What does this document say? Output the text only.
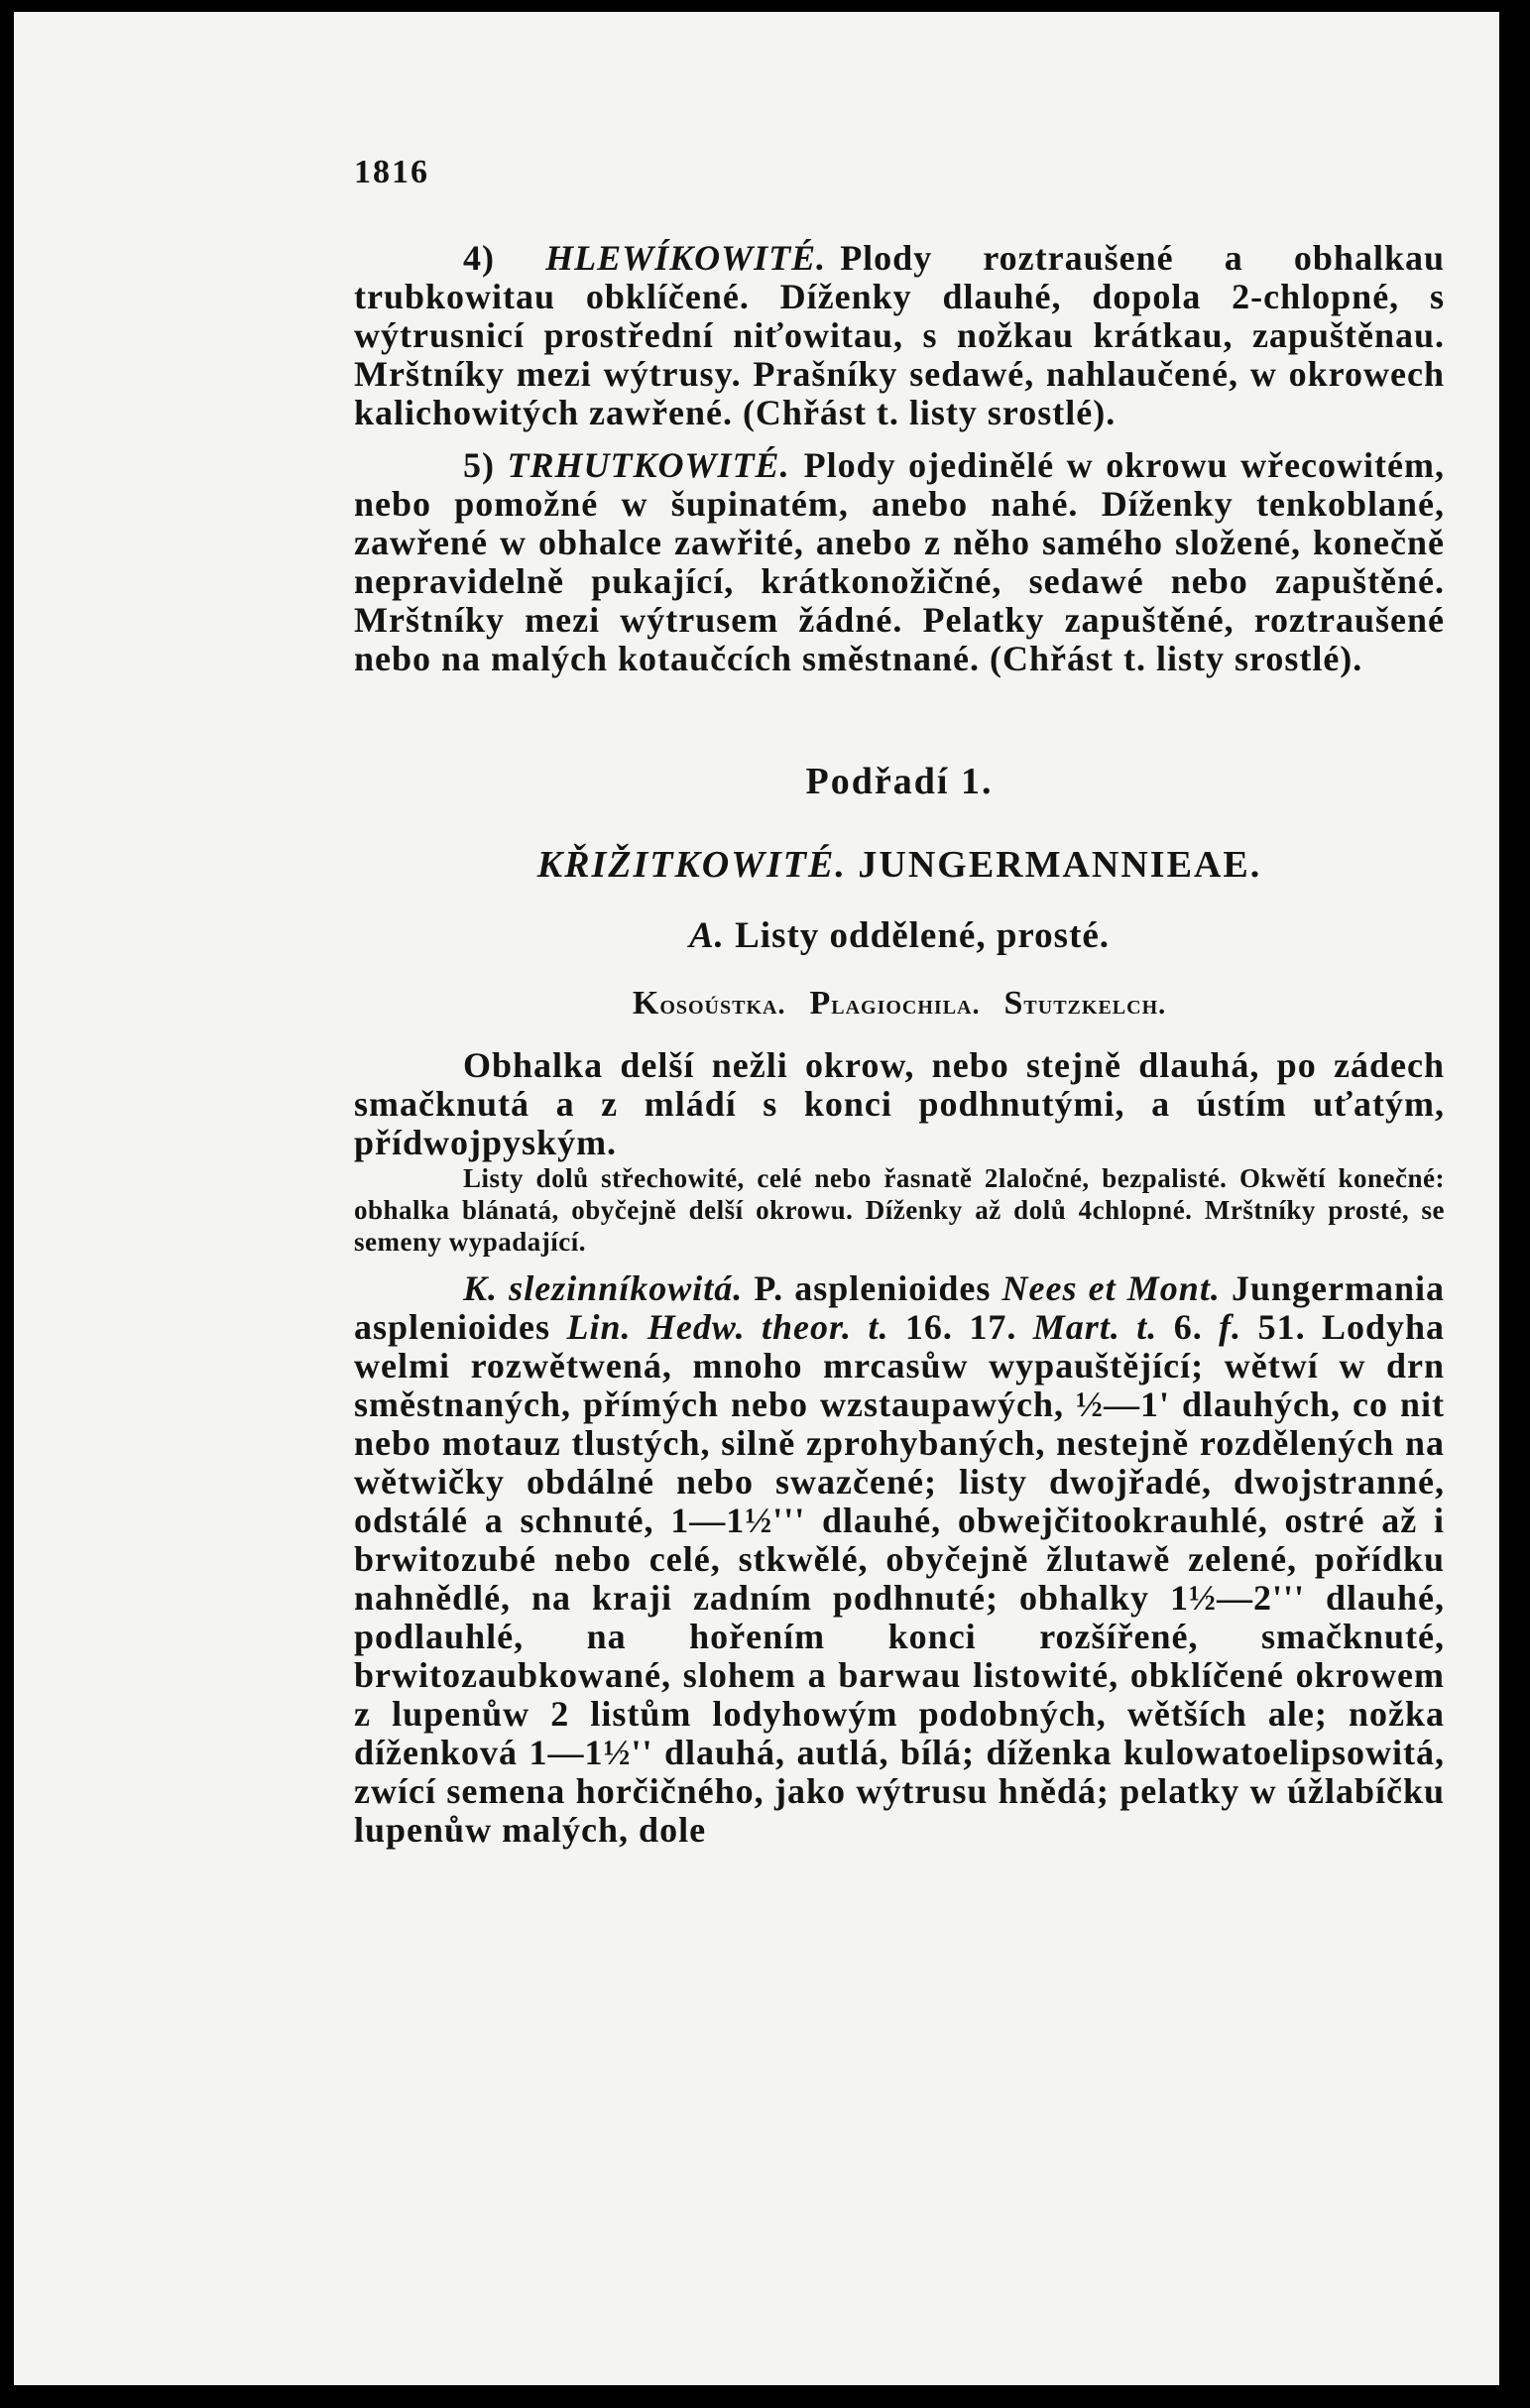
1816

4) HLEWÍKOWITÉ. Plody roztraušené a obhalkau trubkowitau obklíčené. Díženky dlauhé, dopola 2-chlopné, s wýtrusnicí prostřední niťowitau, s nožkau krátkau, zapuštěnau. Mrštníky mezi wýtrusy. Prašníky sedawé, nahlaučené, w okrowech kalichowitých zawřené. (Chřást t. listy srostlé).

5) TRHUTKOWITÉ. Plody ojedinělé w okrowu wřecowitém, nebo pomožné w šupinatém, anebo nahé. Díženky tenkoblané, zawřené w obhalce zawřité, anebo z něho samého složené, konečně nepravidelně pukající, krátkonožičné, sedawé nebo zapuštěné. Mrštníky mezi wýtrusem žádné. Pelatky zapuštěné, roztraušené nebo na malých kotaučcích směstnané. (Chřást t. listy srostlé).

Podřadí 1.
KŘIŽITKOWITÉ. JUNGERMANNIEAE.
A. Listy oddělené, prosté.
Kosoústka. Plagiochila. Stutzkelch.

Obhalka delší nežli okrow, nebo stejně dlauhá, po zádech smačknutá a z mládí s konci podhnutými, a ústím uťatým, přídwojpyským.

Listy dolů střechowité, celé nebo řasnatě 2laločné, bezpalisté. Okwětí konečné: obhalka blánatá, obyčejně delší okrowu. Díženky až dolů 4chlopné. Mrštníky prosté, se semeny wypadající.

K. slezinníkowitá. P. asplenioides Nees et Mont. Jungermania asplenioides Lin. Hedw. theor. t. 16. 17. Mart. t. 6. f. 51. Lodyha welmi rozwětwená, mnoho mrcasůw wypauštějící; wětwí w drn směstnaných, přímých nebo wzstaupawých, ½—1' dlauhých, co nit nebo motauz tlustých, silně zprohybaných, nestejně rozdělených na wětwičky obdálné nebo swazčené; listy dwojřadé, dwojstranné, odstálé a schnuté, 1—1½''' dlauhé, obwejčitookrauhlé, ostré až i brwitozubé nebo celé, stkwělé, obyčejně žlutawě zelené, pořídku nahnědlé, na kraji zadním podhnuté; obhalky 1½—2''' dlauhé, podlauhlé, na hořením konci rozšířené, smačknuté, brwitozaubkowané, slohem a barwau listowité, obklíčené okrowem z lupenůw 2 listům lodyhowým podobných, wětších ale; nožka díženková 1—1½'' dlauhá, autlá, bílá; díženka kulowatoelipsowitá, zwící semena horčičného, jako wýtrusu hnědá; pelatky w úžlabíčku lupenůw malých, dole
